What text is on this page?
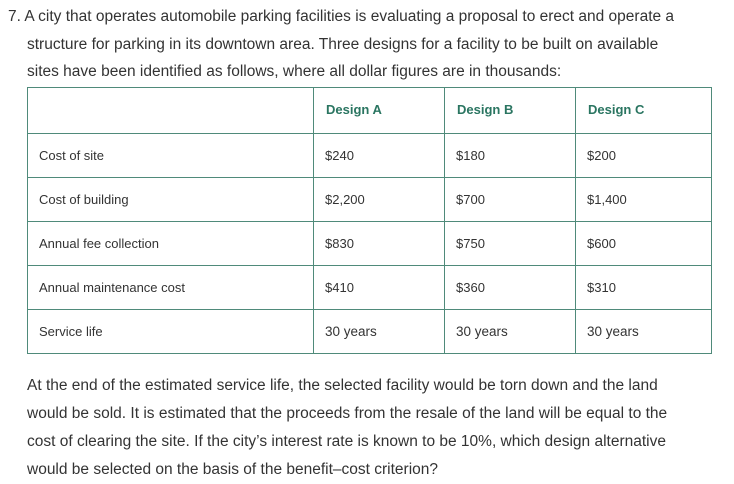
7. A city that operates automobile parking facilities is evaluating a proposal to erect and operate a
structure for parking in its downtown area. Three designs for a facility to be built on available
sites have been identified as follows, where all dollar figures are in thousands:
	Design A	Design B	Design C
Cost of site	$240	$180	$200
Cost of building	$2,200	$700	$1,400
Annual fee collection	$830	$750	$600
Annual maintenance cost	$410	$360	$310
Service life	30 years	30 years	30 years
At the end of the estimated service life, the selected facility would be torn down and the land
would be sold. It is estimated that the proceeds from the resale of the land will be equal to the
cost of clearing the site. If the city’s interest rate is known to be 10%, which design alternative
would be selected on the basis of the benefit–cost criterion?
